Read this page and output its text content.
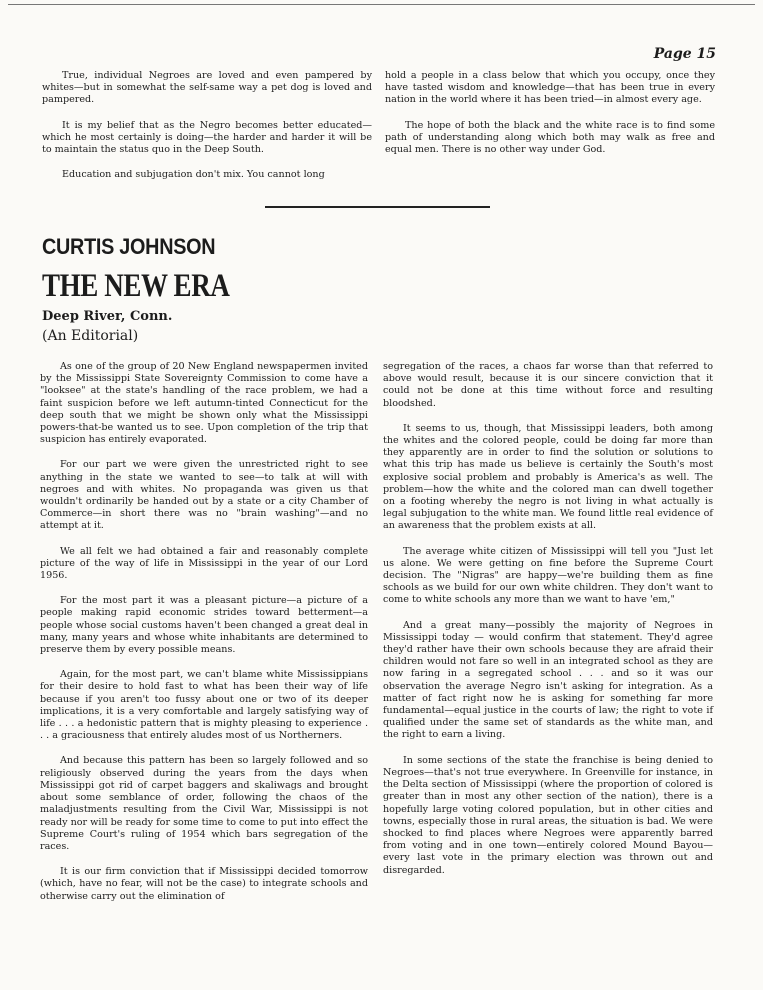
Page 15

True, individual Negroes are loved and even pampered by whites—but in somewhat the self-same way a pet dog is loved and pampered.

It is my belief that as the Negro becomes better educated—which he most certainly is doing—the harder and harder it will be to maintain the status quo in the Deep South.

Education and subjugation don't mix. You cannot long

hold a people in a class below that which you occupy, once they have tasted wisdom and knowledge—that has been true in every nation in the world where it has been tried—in almost every age.

The hope of both the black and the white race is to find some path of understanding along which both may walk as free and equal men. There is no other way under God.

CURTIS JOHNSON
THE NEW ERA
Deep River, Conn.
(An Editorial)

As one of the group of 20 New England newspapermen invited by the Mississippi State Sovereignty Commission to come have a "looksee" at the state's handling of the race problem, we had a faint suspicion before we left autumn-tinted Connecticut for the deep south that we might be shown only what the Mississippi powers-that-be wanted us to see. Upon completion of the trip that suspicion has entirely evaporated.

For our part we were given the unrestricted right to see anything in the state we wanted to see—to talk at will with negroes and with whites. No propaganda was given us that wouldn't ordinarily be handed out by a state or a city Chamber of Commerce—in short there was no "brain washing"—and no attempt at it.

We all felt we had obtained a fair and reasonably complete picture of the way of life in Mississippi in the year of our Lord 1956.

For the most part it was a pleasant picture—a picture of a people making rapid economic strides toward betterment—a people whose social customs haven't been changed a great deal in many, many years and whose white inhabitants are determined to preserve them by every possible means.

Again, for the most part, we can't blame white Mississippians for their desire to hold fast to what has been their way of life because if you aren't too fussy about one or two of its deeper implications, it is a very comfortable and largely satisfying way of life . . . a hedonistic pattern that is mighty pleasing to experience . . . a graciousness that entirely aludes most of us Northerners.

And because this pattern has been so largely followed and so religiously observed during the years from the days when Mississippi got rid of carpet baggers and skaliwags and brought about some semblance of order, following the chaos of the maladjustments resulting from the Civil War, Mississippi is not ready nor will be ready for some time to come to put into effect the Supreme Court's ruling of 1954 which bars segregation of the races.

It is our firm conviction that if Mississippi decided tomorrow (which, have no fear, will not be the case) to integrate schools and otherwise carry out the elimination of

segregation of the races, a chaos far worse than that referred to above would result, because it is our sincere conviction that it could not be done at this time without force and resulting bloodshed.

It seems to us, though, that Mississippi leaders, both among the whites and the colored people, could be doing far more than they apparently are in order to find the solution or solutions to what this trip has made us believe is certainly the South's most explosive social problem and probably is America's as well. The problem—how the white and the colored man can dwell together on a footing whereby the negro is not living in what actually is legal subjugation to the white man. We found little real evidence of an awareness that the problem exists at all.

The average white citizen of Mississippi will tell you "Just let us alone. We were getting on fine before the Supreme Court decision. The "Nigras" are happy—we're building them as fine schools as we build for our own white children. They don't want to come to white schools any more than we want to have 'em,"

And a great many—possibly the majority of Negroes in Mississippi today — would confirm that statement. They'd agree they'd rather have their own schools because they are afraid their children would not fare so well in an integrated school as they are now faring in a segregated school . . . and so it was our observation the average Negro isn't asking for integration. As a matter of fact right now he is asking for something far more fundamental—equal justice in the courts of law; the right to vote if qualified under the same set of standards as the white man, and the right to earn a living.

In some sections of the state the franchise is being denied to Negroes—that's not true everywhere. In Greenville for instance, in the Delta section of Mississippi (where the proportion of colored is greater than in most any other section of the nation), there is a hopefully large voting colored population, but in other cities and towns, especially those in rural areas, the situation is bad. We were shocked to find places where Negroes were apparently barred from voting and in one town—entirely colored Mound Bayou—every last vote in the primary election was thrown out and disregarded.
